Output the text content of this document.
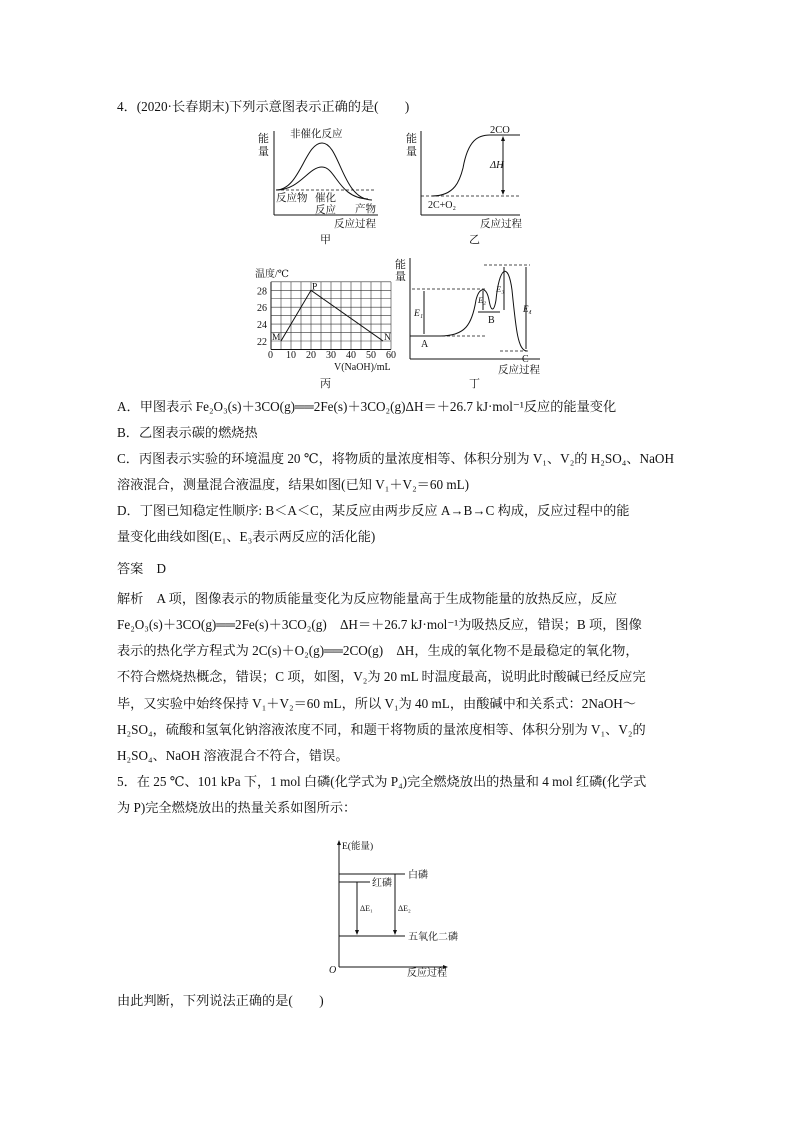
4．(2020·长春期末)下列示意图表示正确的是(　　)
能
量
非催化反应
反应物 催化
反应 产物
反应过程
甲
能
量
2CO
ΔH
2C+O₂
反应过程
乙
28
26
24
22
0 10 20 30 40 50 60
温度/℃
V(NaOH)/mL
M
P
N
丙
能
量
E₁
E₂
E₃
E₄
A
B
C
反应过程
丁
E(能量)
O
白磷
红磷
五氧化二磷
ΔE₁	ΔE₂
反应过程
A．甲图表示 Fe₂O₃(s)＋3CO(g)══2Fe(s)＋3CO₂(g)ΔH＝＋26.7 kJ·mol⁻¹反应的能量变化
B．乙图表示碳的燃烧热
C．丙图表示实验的环境温度 20 ℃，将物质的量浓度相等、体积分别为 V₁、V₂的 H₂SO₄、NaOH
溶液混合，测量混合液温度，结果如图(已知 V₁＋V₂＝60 mL)
D．丁图已知稳定性顺序: B＜A＜C，某反应由两步反应 A→B→C 构成，反应过程中的能
量变化曲线如图(E₁、E₃表示两反应的活化能)
答案　D
解析　A 项，图像表示的物质能量变化为反应物能量高于生成物能量的放热反应，反应
Fe₂O₃(s)＋3CO(g)══2Fe(s)＋3CO₂(g)　ΔH＝＋26.7 kJ·mol⁻¹为吸热反应，错误；B 项，图像
表示的热化学方程式为 2C(s)＋O₂(g)══2CO(g)　ΔH，生成的氧化物不是最稳定的氧化物，
不符合燃烧热概念，错误；C 项，如图，V₂为 20 mL 时温度最高，说明此时酸碱已经反应完
毕，又实验中始终保持 V₁＋V₂＝60 mL，所以 V₁为 40 mL，由酸碱中和关系式：2NaOH～
H₂SO₄，硫酸和氢氧化钠溶液浓度不同，和题干将物质的量浓度相等、体积分别为 V₁、V₂的
H₂SO₄、NaOH 溶液混合不符合，错误。
5．在 25 ℃、101 kPa 下，1 mol 白磷(化学式为 P₄)完全燃烧放出的热量和 4 mol 红磷(化学式
为 P)完全燃烧放出的热量关系如图所示：
由此判断，下列说法正确的是(　　)
